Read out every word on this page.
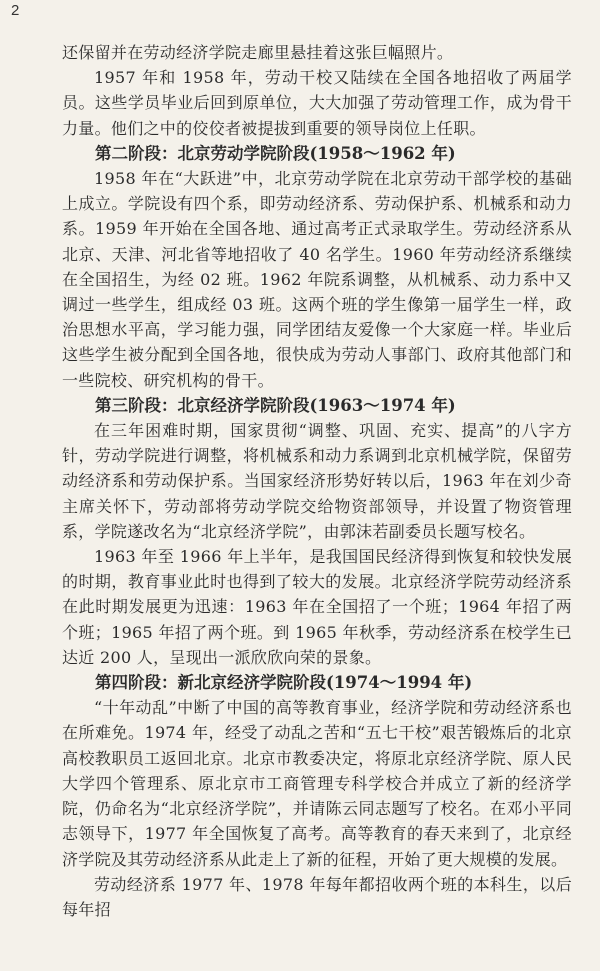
2

还保留并在劳动经济学院走廊里悬挂着这张巨幅照片。

1957 年和 1958 年，劳动干校又陆续在全国各地招收了两届学员。这些学员毕业后回到原单位，大大加强了劳动管理工作，成为骨干力量。他们之中的佼佼者被提拔到重要的领导岗位上任职。

第二阶段：北京劳动学院阶段(1958～1962 年)

1958 年在“大跃进”中，北京劳动学院在北京劳动干部学校的基础上成立。学院设有四个系，即劳动经济系、劳动保护系、机械系和动力系。1959 年开始在全国各地、通过高考正式录取学生。劳动经济系从北京、天津、河北省等地招收了 40 名学生。1960 年劳动经济系继续在全国招生，为经 02 班。1962 年院系调整，从机械系、动力系中又调过一些学生，组成经 03 班。这两个班的学生像第一届学生一样，政治思想水平高，学习能力强，同学团结友爱像一个大家庭一样。毕业后这些学生被分配到全国各地，很快成为劳动人事部门、政府其他部门和一些院校、研究机构的骨干。

第三阶段：北京经济学院阶段(1963～1974 年)

在三年困难时期，国家贯彻“调整、巩固、充实、提高”的八字方针，劳动学院进行调整，将机械系和动力系调到北京机械学院，保留劳动经济系和劳动保护系。当国家经济形势好转以后，1963 年在刘少奇主席关怀下，劳动部将劳动学院交给物资部领导，并设置了物资管理系，学院遂改名为“北京经济学院”，由郭沫若副委员长题写校名。

1963 年至 1966 年上半年，是我国国民经济得到恢复和较快发展的时期，教育事业此时也得到了较大的发展。北京经济学院劳动经济系在此时期发展更为迅速：1963 年在全国招了一个班；1964 年招了两个班；1965 年招了两个班。到 1965 年秋季，劳动经济系在校学生已达近 200 人，呈现出一派欣欣向荣的景象。

第四阶段：新北京经济学院阶段(1974～1994 年)

“十年动乱”中断了中国的高等教育事业，经济学院和劳动经济系也在所难免。1974 年，经受了动乱之苦和“五七干校”艰苦锻炼后的北京高校教职员工返回北京。北京市教委决定，将原北京经济学院、原人民大学四个管理系、原北京市工商管理专科学校合并成立了新的经济学院，仍命名为“北京经济学院”，并请陈云同志题写了校名。在邓小平同志领导下，1977 年全国恢复了高考。高等教育的春天来到了，北京经济学院及其劳动经济系从此走上了新的征程，开始了更大规模的发展。

劳动经济系 1977 年、1978 年每年都招收两个班的本科生，以后每年招
